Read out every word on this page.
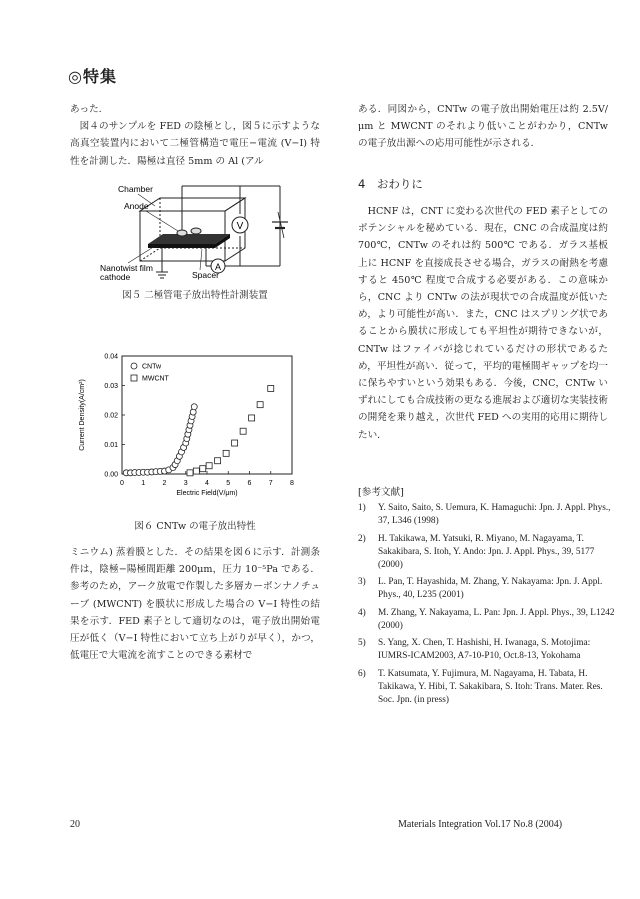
◎特集

あった.

図４のサンプルを FED の陰極とし，図５に示すような高真空装置内において二極管構造で電圧−電流 (V−I) 特性を計測した．陽極は直径 5mm の Al (アル

V
A
Chamber
Anode
Nanotwist film
cathode	Spacer
図５ 二極管電子放出特性計測装置
0 1 2 3 4 5 6 7 8
0.00
0.01
0.02
0.03
0.04
Electric Field(V/μm)
Current Density(A/cm²)
CNTw
MWCNT
図６ CNTw の電子放出特性

ミニウム) 蒸着膜とした．その結果を図６に示す．計測条件は，陰極−陽極間距離 200μm，圧力 10⁻⁵Pa である．参考のため，アーク放電で作製した多層カーボンナノチューブ (MWCNT) を膜状に形成した場合の V−I 特性の結果を示す．FED 素子として適切なのは，電子放出開始電圧が低く（V−I 特性において立ち上がりが早く），かつ，低電圧で大電流を流すことのできる素材で

ある．同図から，CNTw の電子放出開始電圧は約 2.5V/μm と MWCNT のそれより低いことがわかり，CNTw の電子放出源への応用可能性が示される．

4　おわりに

HCNF は，CNT に変わる次世代の FED 素子としてのポテンシャルを秘めている．現在，CNC の合成温度は約 700℃，CNTw のそれは約 500℃ である．ガラス基板上に HCNF を直接成長させる場合，ガラスの耐熱を考慮すると 450℃ 程度で合成する必要がある．この意味から，CNC より CNTw の法が現状での合成温度が低いため，より可能性が高い．また，CNC はスプリング状であることから膜状に形成しても平坦性が期待できないが，CNTw はファイバが捻じれているだけの形状であるため，平坦性が高い．従って，平均的電極間ギャップを均一に保ちやすいという効果もある．今後，CNC，CNTw いずれにしても合成技術の更なる進展および適切な実装技術の開発を乗り越え，次世代 FED への実用的応用に期待したい．

[参考文献]
1)	Y. Saito, Saito, S. Uemura, K. Hamaguchi: Jpn. J. Appl. Phys., 37, L346 (1998)
2)	H. Takikawa, M. Yatsuki, R. Miyano, M. Nagayama, T. Sakakibara, S. Itoh, Y. Ando: Jpn. J. Appl. Phys., 39, 5177 (2000)
3)	L. Pan, T. Hayashida, M. Zhang, Y. Nakayama: Jpn. J. Appl. Phys., 40, L235 (2001)
4)	M. Zhang, Y. Nakayama, L. Pan: Jpn. J. Appl. Phys., 39, L1242 (2000)
5)	S. Yang, X. Chen, T. Hashishi, H. Iwanaga, S. Motojima: IUMRS-ICAM2003, A7-10-P10, Oct.8-13, Yokohama
6)	T. Katsumata, Y. Fujimura, M. Nagayama, H. Tabata, H. Takikawa, Y. Hibi, T. Sakakibara, S. Itoh: Trans. Mater. Res. Soc. Jpn. (in press)
20	Materials Integration Vol.17 No.8 (2004)
